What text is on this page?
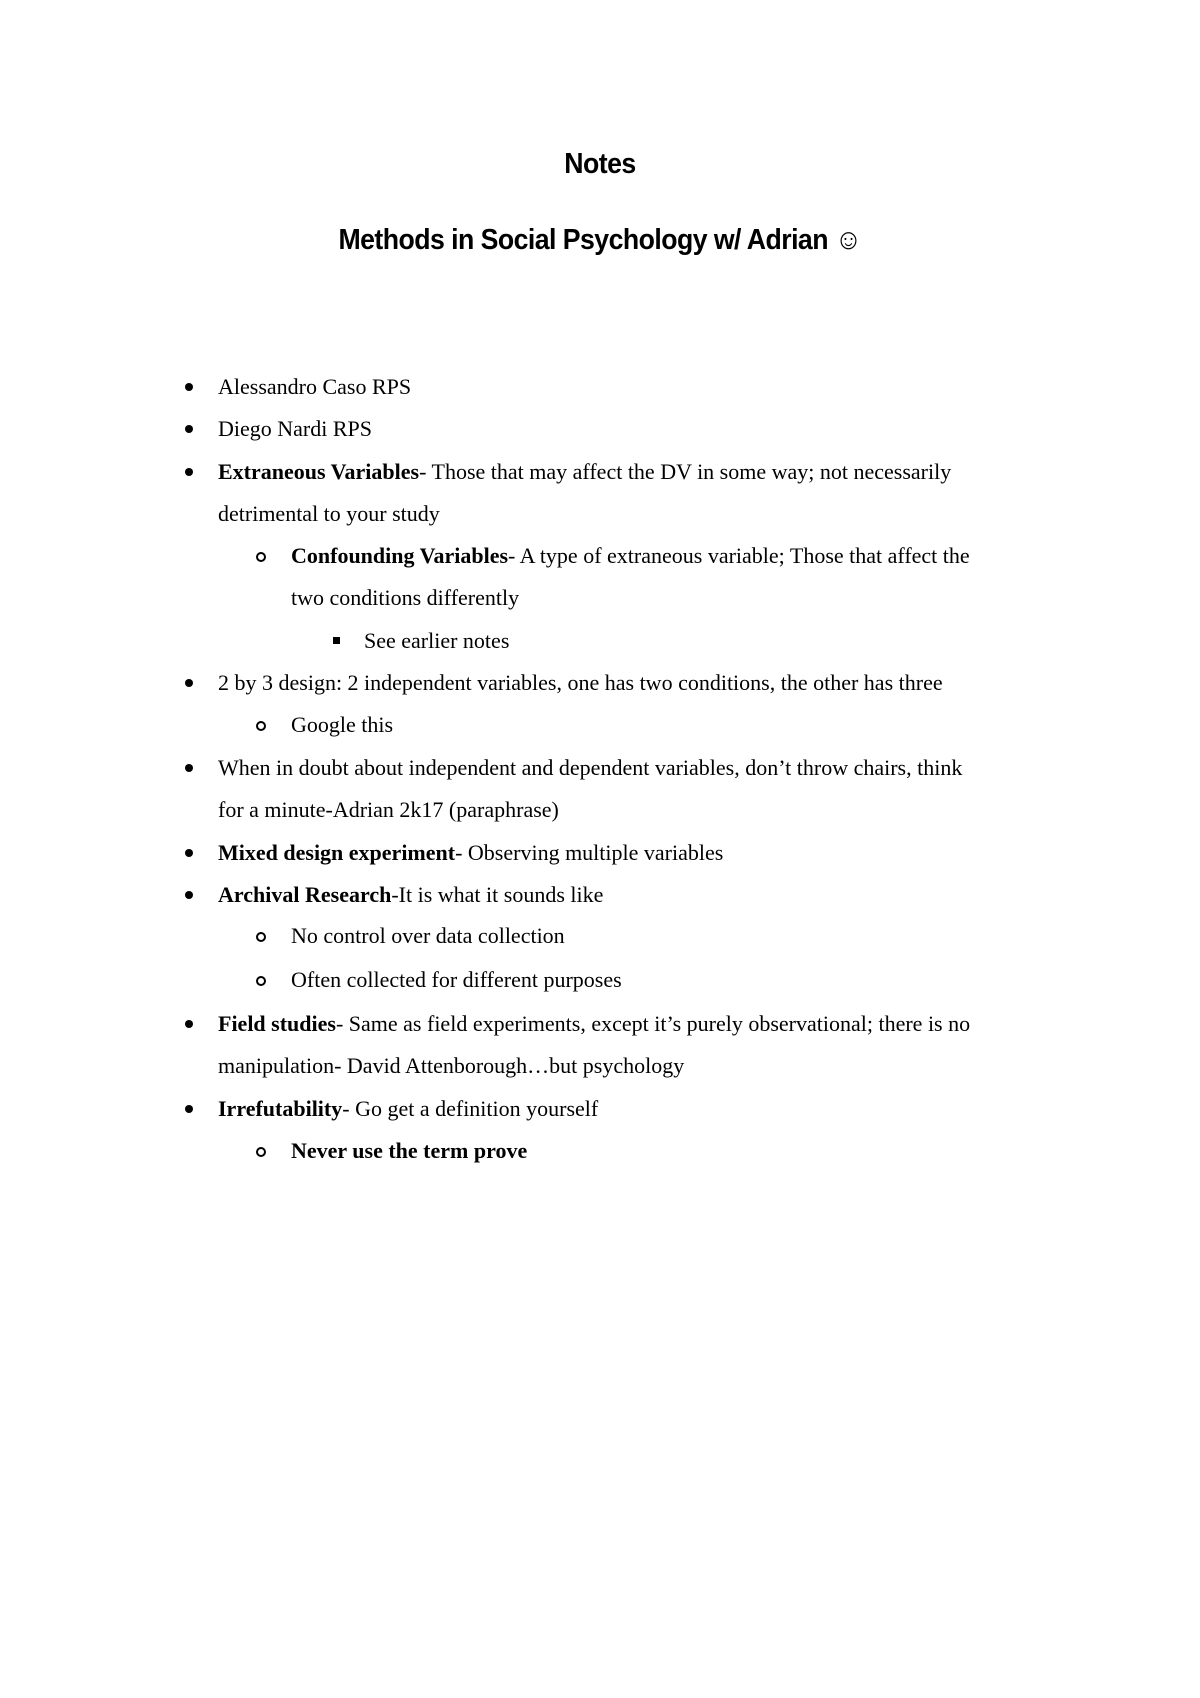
Notes
Methods in Social Psychology w/ Adrian ☺
Alessandro Caso RPS
Diego Nardi RPS
Extraneous Variables- Those that may affect the DV in some way; not necessarily
detrimental to your study
Confounding Variables- A type of extraneous variable; Those that affect the
two conditions differently
See earlier notes
2 by 3 design: 2 independent variables, one has two conditions, the other has three
Google this
When in doubt about independent and dependent variables, don’t throw chairs, think
for a minute-Adrian 2k17 (paraphrase)
Mixed design experiment- Observing multiple variables
Archival Research-It is what it sounds like
No control over data collection
Often collected for different purposes
Field studies- Same as field experiments, except it’s purely observational; there is no
manipulation- David Attenborough…but psychology
Irrefutability- Go get a definition yourself
Never use the term prove
